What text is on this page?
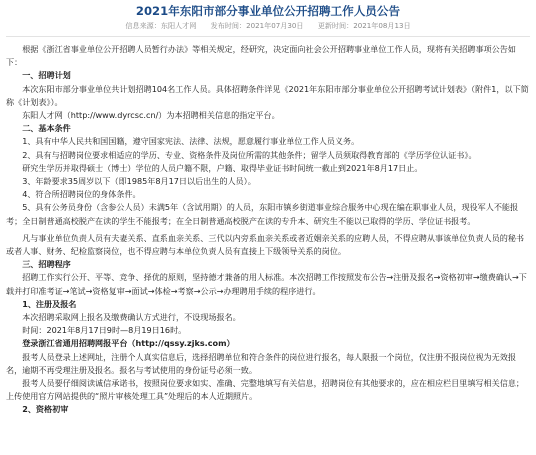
2021年东阳市部分事业单位公开招聘工作人员公告
信息来源：东阳人才网 发布时间：2021年07月30日 更新时间：2021年08月13日

根据《浙江省事业单位公开招聘人员暂行办法》等相关规定，经研究，决定面向社会公开招聘事业单位工作人员，现将有关招聘事项公告如下：

一、招聘计划

本次东阳市部分事业单位共计划招聘104名工作人员。具体招聘条件详见《2021年东阳市部分事业单位公开招聘考试计划表》（附件1，以下简称《计划表》）。

东阳人才网（http://www.dyrcsc.cn/）为本招聘相关信息的指定平台。

二、基本条件

1、具有中华人民共和国国籍，遵守国家宪法、法律、法规，愿意履行事业单位工作人员义务。

2、具有与招聘岗位要求相适应的学历、专业、资格条件及岗位所需的其他条件；留学人员须取得教育部的《学历学位认证书》。

研究生学历并取得硕士（博士）学位的人员户籍不限，户籍、取得毕业证书时间统一截止到2021年8月17日止。

3、年龄要求35周岁以下（即1985年8月17日以后出生的人员）。

4、符合所招聘岗位的身体条件。

5、具有公务员身份（含参公人员）未满5年（含试用期）的人员，东阳市镇乡街道事业综合服务中心现在编在职事业人员，现役军人不能报考；全日制普通高校脱产在读的学生不能报考；在全日制普通高校脱产在读的专升本、研究生不能以已取得的学历、学位证书报考。

凡与事业单位负责人员有夫妻关系、直系血亲关系、三代以内旁系血亲关系或者近姻亲关系的应聘人员，不得应聘从事该单位负责人员的秘书或者人事、财务、纪检监察岗位，也不得应聘与本单位负责人员有直接上下级领导关系的岗位。

三、招聘程序

招聘工作实行公开、平等、竞争、择优的原则，坚持德才兼备的用人标准。本次招聘工作按照发布公告→注册及报名→资格初审→缴费确认→下载并打印准考证→笔试→资格复审→面试→体检→考察→公示→办理聘用手续的程序进行。

1、注册及报名

本次招聘采取网上报名及缴费确认方式进行，不设现场报名。

时间：2021年8月17日9时—8月19日16时。

登录浙江省通用招聘网报平台（http://qssy.zjks.com）

报考人员登录上述网址，注册个人真实信息后，选择招聘单位和符合条件的岗位进行报名，每人限报一个岗位，仅注册不报岗位视为无效报名，逾期不再受理注册及报名。报名与考试使用的身份证号必须一致。

报考人员要仔细阅读诚信承诺书，按照岗位要求如实、准确、完整地填写有关信息，招聘岗位有其他要求的，应在相应栏目里填写相关信息；上传使用官方网站提供的“照片审核处理工具”处理后的本人近期照片。

2、资格初审
